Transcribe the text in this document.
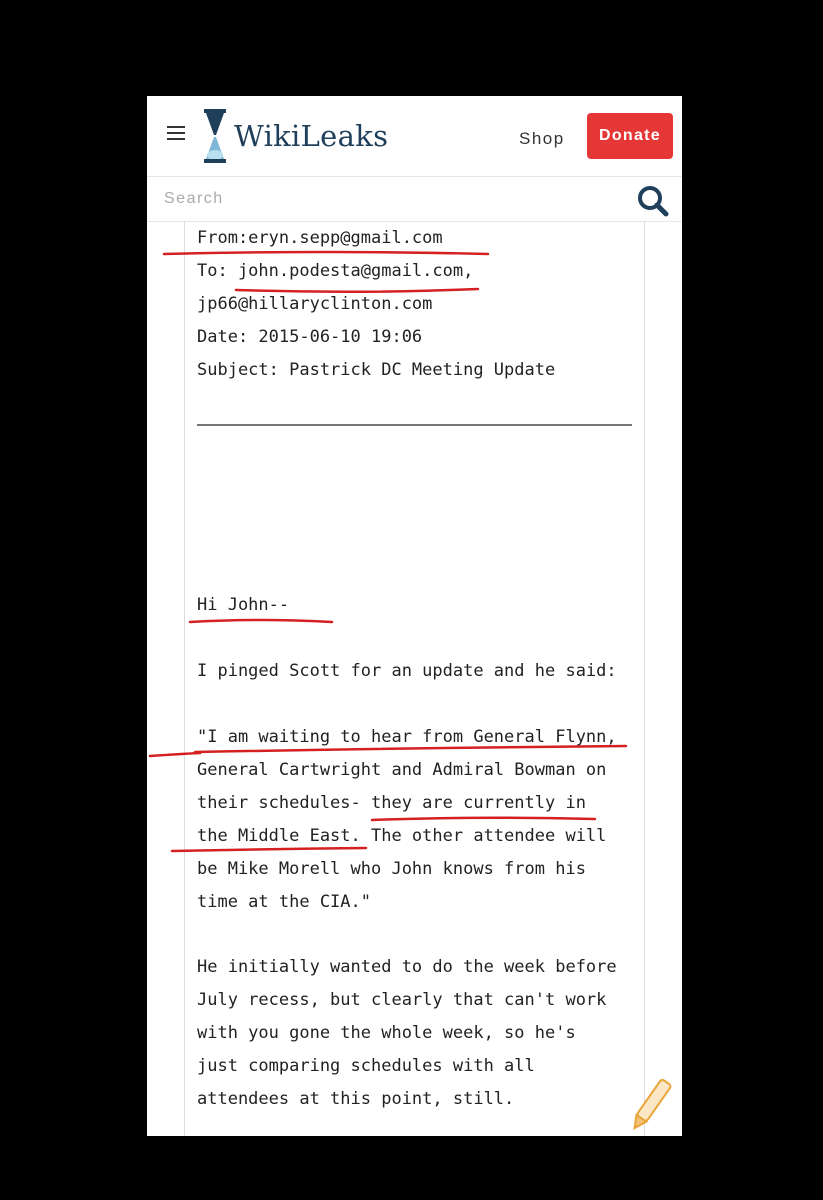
WikiLeaks	Shop	Donate
Search
From:eryn.sepp@gmail.com
To: john.podesta@gmail.com,
jp66@hillaryclinton.com
Date: 2015-06-10 19:06
Subject: Pastrick DC Meeting Update
Hi John--
I pinged Scott for an update and he said:
"I am waiting to hear from General Flynn,
General Cartwright and Admiral Bowman on
their schedules- they are currently in
the Middle East. The other attendee will
be Mike Morell who John knows from his
time at the CIA."
He initially wanted to do the week before
July recess, but clearly that can't work
with you gone the whole week, so he's
just comparing schedules with all
attendees at this point, still.
